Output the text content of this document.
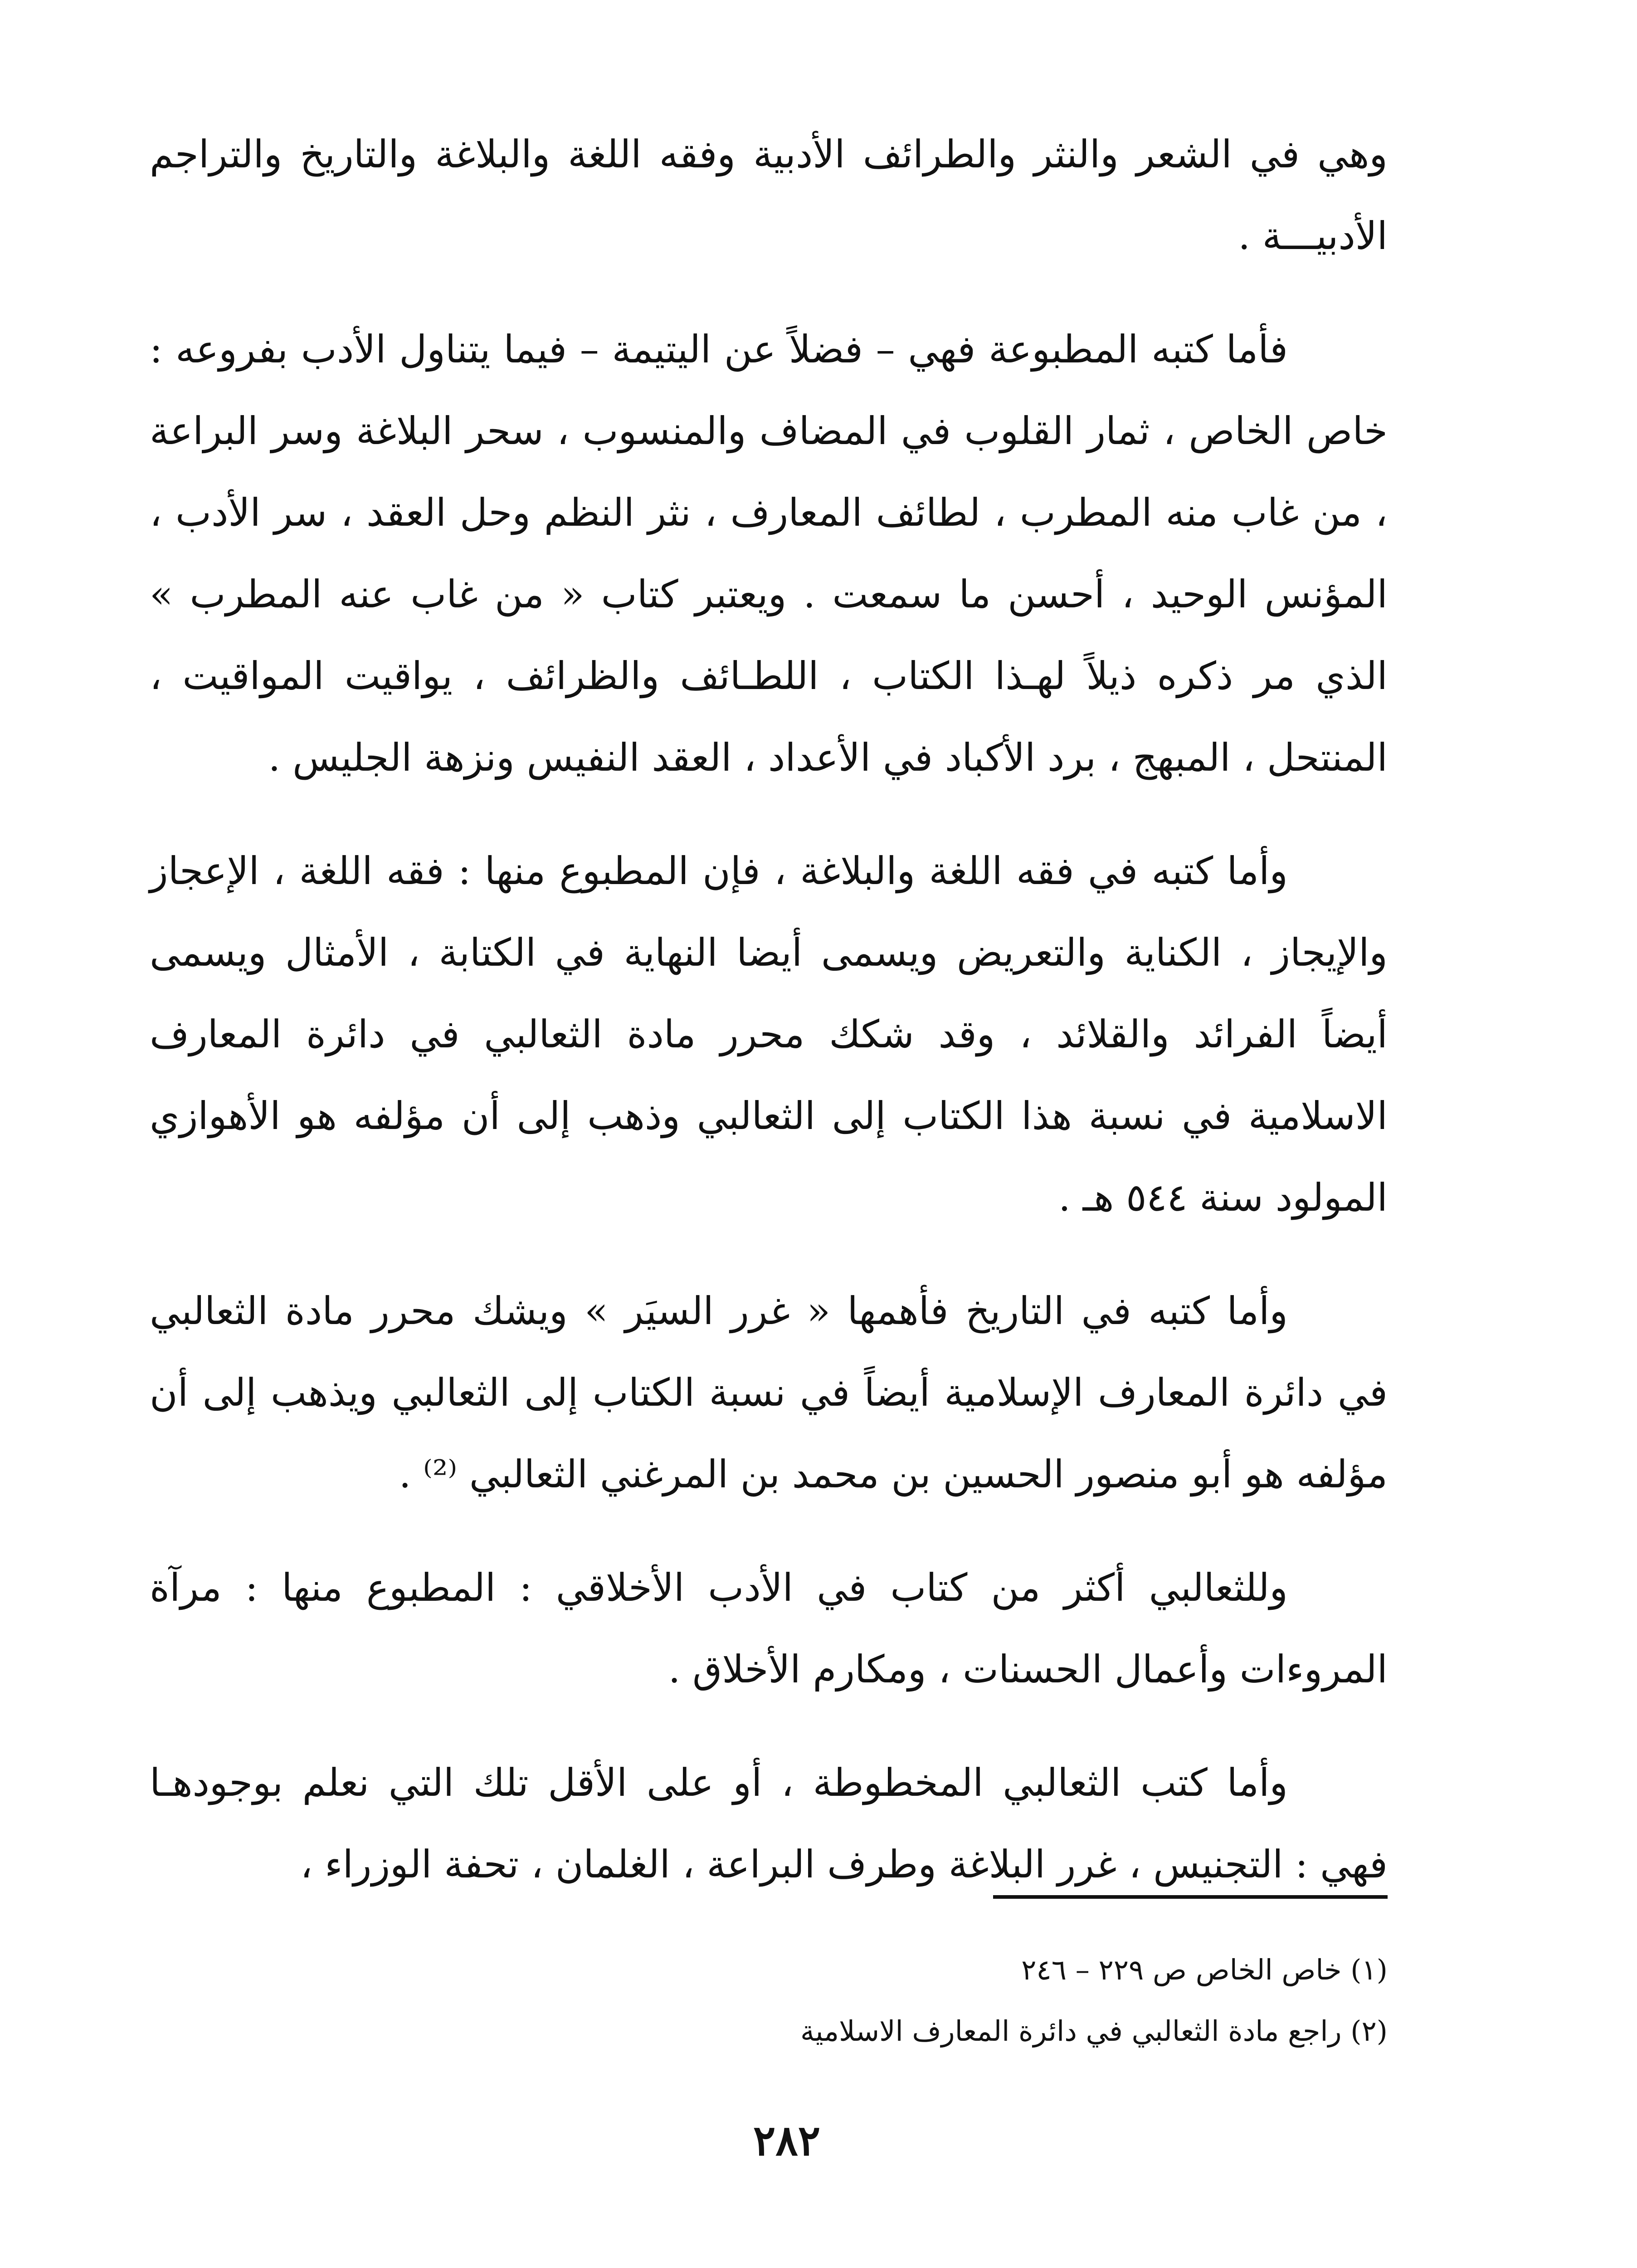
وهي في الشعر والنثر والطرائف الأدبية وفقه اللغة والبلاغة والتاريخ والتراجم الأدبيـــة .

فأما كتبه المطبوعة فهي – فضلاً عن اليتيمة – فيما يتناول الأدب بفروعه : خاص الخاص ، ثمار القلوب في المضاف والمنسوب ، سحر البلاغة وسر البراعة ، من غاب منه المطرب ، لطائف المعارف ، نثر النظم وحل العقد ، سر الأدب ، المؤنس الوحيد ، أحسن ما سمعت . ويعتبر كتاب « من غاب عنه المطرب » الذي مر ذكره ذيلاً لهـذا الكتاب ، اللطـائف والظرائف ، يواقيت المواقيت ، المنتحل ، المبهج ، برد الأكباد في الأعداد ، العقد النفيس ونزهة الجليس .

وأما كتبه في فقه اللغة والبلاغة ، فإن المطبوع منها : فقه اللغة ، الإعجاز والإيجاز ، الكناية والتعريض ويسمى أيضا النهاية في الكتابة ، الأمثال ويسمى أيضاً الفرائد والقلائد ، وقد شكك محرر مادة الثعالبي في دائرة المعارف الاسلامية في نسبة هذا الكتاب إلى الثعالبي وذهب إلى أن مؤلفه هو الأهوازي المولود سنة ٥٤٤ هـ .

وأما كتبه في التاريخ فأهمها « غرر السيَر » ويشك محرر مادة الثعالبي في دائرة المعارف الإسلامية أيضاً في نسبة الكتاب إلى الثعالبي ويذهب إلى أن مؤلفه هو أبو منصور الحسين بن محمد بن المرغني الثعالبي ⁽²⁾ .

وللثعالبي أكثر من كتاب في الأدب الأخلاقي : المطبوع منها : مرآة المروءات وأعمال الحسنات ، ومكارم الأخلاق .

وأما كتب الثعالبي المخطوطة ، أو على الأقل تلك التي نعلم بوجودهـا فهي : التجنيس ، غرر البلاغة وطرف البراعة ، الغلمان ، تحفة الوزراء ،

(١) خاص الخاص ص ٢٢٩ – ٢٤٦

(٢) راجع مادة الثعالبي في دائرة المعارف الاسلامية

٢٨٢
